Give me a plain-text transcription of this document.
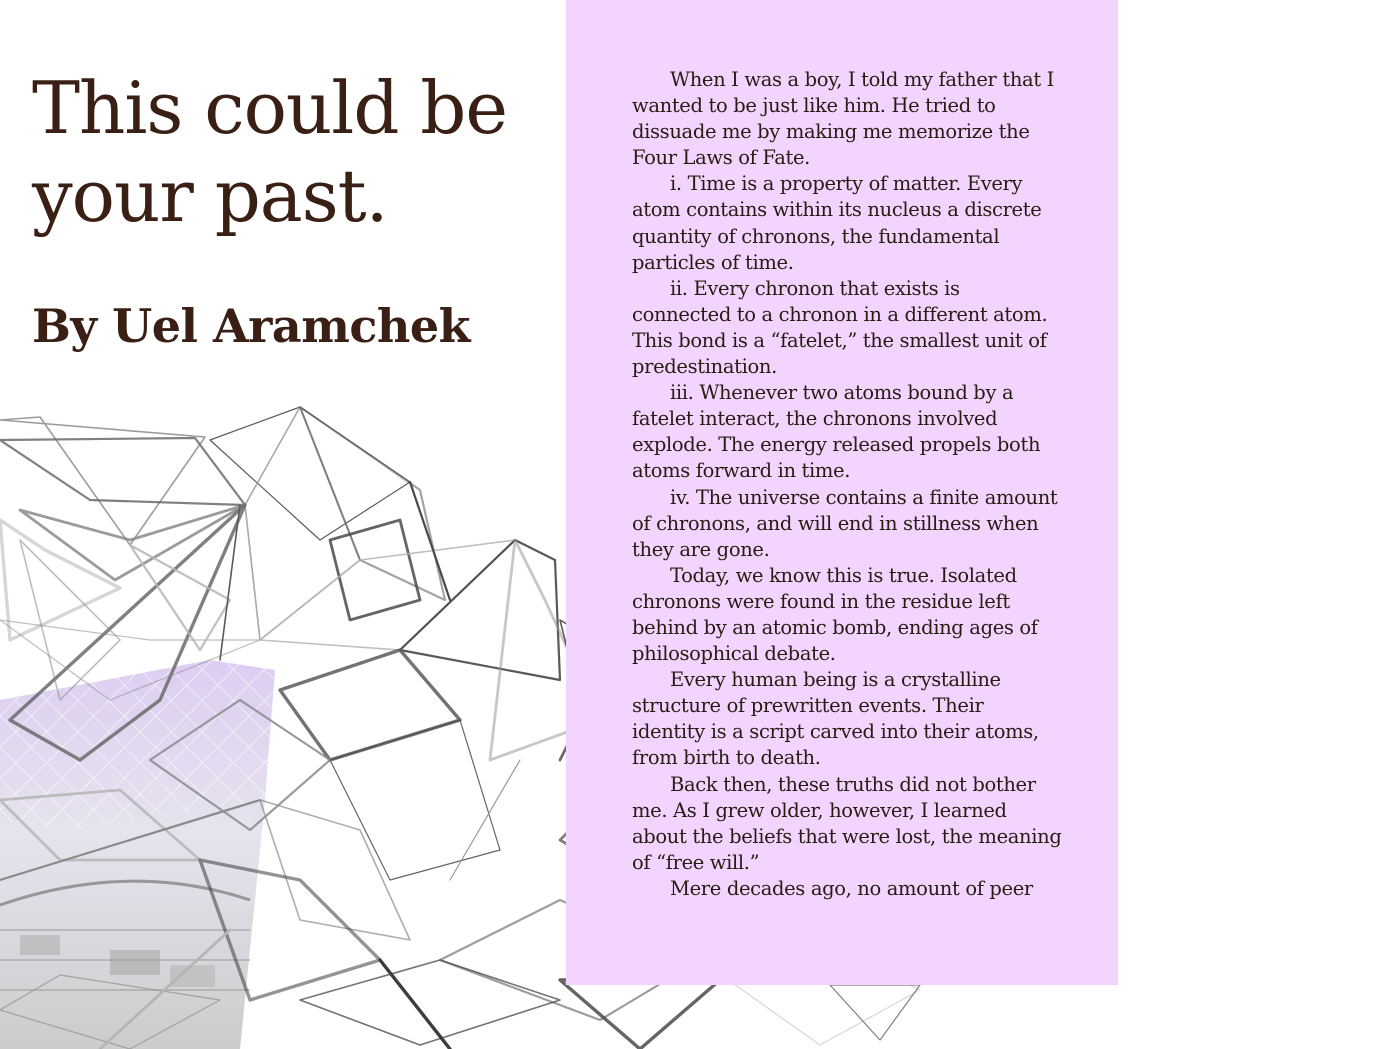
This could be
your past.
By Uel Aramchek

When I was a boy, I told my father that I wanted to be just like him. He tried to dissuade me by making me memorize the Four Laws of Fate.

i. Time is a property of matter. Every atom contains within its nucleus a discrete quantity of chronons, the fundamental particles of time.

ii. Every chronon that exists is connected to a chronon in a different atom. This bond is a “fatelet,” the smallest unit of predestination.

iii. Whenever two atoms bound by a fatelet interact, the chronons involved explode. The energy released propels both atoms forward in time.

iv. The universe contains a finite amount of chronons, and will end in stillness when they are gone.

Today, we know this is true. Isolated chronons were found in the residue left behind by an atomic bomb, ending ages of philosophical debate.

Every human being is a crystalline structure of prewritten events. Their identity is a script carved into their atoms, from birth to death.

Back then, these truths did not bother me. As I grew older, however, I learned about the beliefs that were lost, the meaning of “free will.”

Mere decades ago, no amount of peer
